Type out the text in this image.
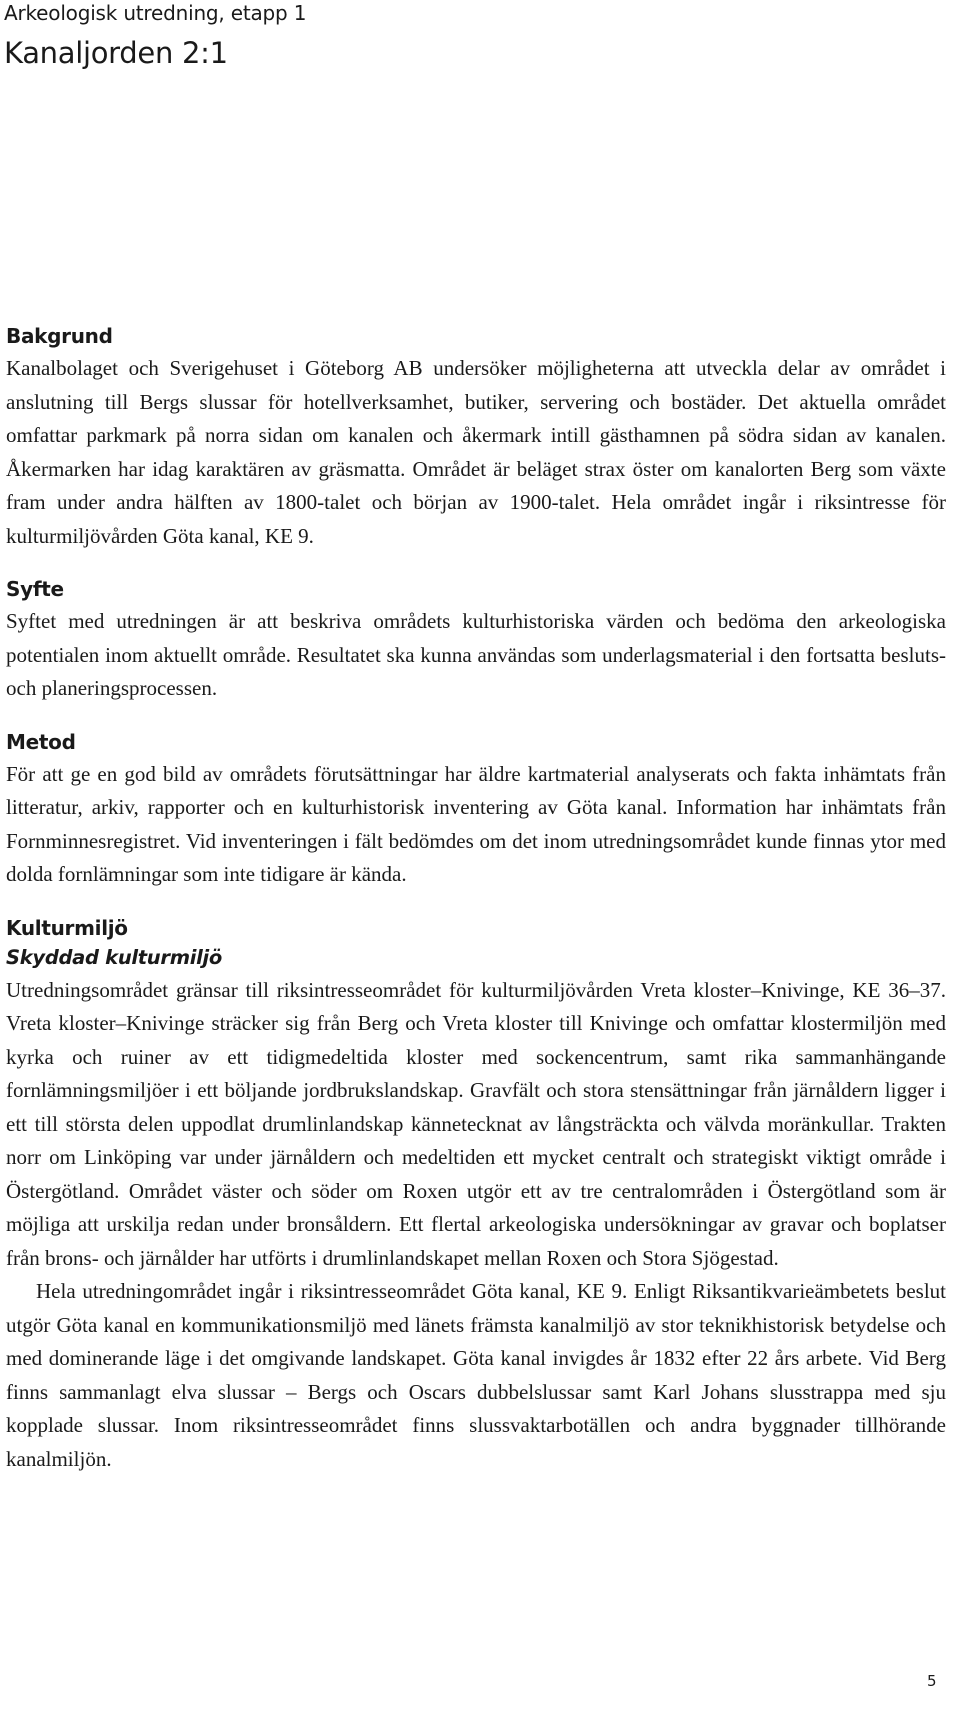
Arkeologisk utredning, etapp 1
Kanaljorden 2:1
Bakgrund

Kanalbolaget och Sverigehuset i Göteborg AB undersöker möjligheterna att utveckla delar av området i anslutning till Bergs slussar för hotellverksamhet, butiker, servering och bostäder. Det aktuella området omfattar parkmark på norra sidan om kanalen och åkermark intill gästhamnen på södra sidan av kanalen. Åkermarken har idag karaktären av gräsmatta. Området är beläget strax öster om kanalorten Berg som växte fram under andra hälften av 1800-talet och början av 1900-talet. Hela området ingår i riksintresse för kulturmiljövården Göta kanal, KE 9.

Syfte

Syftet med utredningen är att beskriva områdets kulturhistoriska värden och bedöma den arkeologiska potentialen inom aktuellt område. Resultatet ska kunna användas som underlagsmaterial i den fortsatta besluts- och planeringsprocessen.

Metod

För att ge en god bild av områdets förutsättningar har äldre kartmaterial analyserats och fakta inhämtats från litteratur, arkiv, rapporter och en kulturhistorisk inventering av Göta kanal. Information har inhämtats från Fornminnesregistret. Vid inventeringen i fält bedömdes om det inom utredningsområdet kunde finnas ytor med dolda fornlämningar som inte tidigare är kända.

Kulturmiljö
Skyddad kulturmiljö

Utredningsområdet gränsar till riksintresseområdet för kulturmiljövården Vreta kloster–Knivinge, KE 36–37. Vreta kloster–Knivinge sträcker sig från Berg och Vreta kloster till Knivinge och omfattar klostermiljön med kyrka och ruiner av ett tidigmedeltida kloster med sockencentrum, samt rika sammanhängande fornlämningsmiljöer i ett böljande jordbrukslandskap. Gravfält och stora stensättningar från järnåldern ligger i ett till största delen uppodlat drumlinlandskap kännetecknat av långsträckta och välvda moränkullar. Trakten norr om Linköping var under järnåldern och medeltiden ett mycket centralt och strategiskt viktigt område i Östergötland. Området väster och söder om Roxen utgör ett av tre centralområden i Östergötland som är möjliga att urskilja redan under bronsåldern. Ett flertal arkeologiska undersökningar av gravar och boplatser från brons- och järnålder har utförts i drumlinlandskapet mellan Roxen och Stora Sjögestad.

Hela utredningområdet ingår i riksintresseområdet Göta kanal, KE 9. Enligt Riksantikvarieämbetets beslut utgör Göta kanal en kommunikationsmiljö med länets främsta kanalmiljö av stor teknikhistorisk betydelse och med dominerande läge i det omgivande landskapet. Göta kanal invigdes år 1832 efter 22 års arbete. Vid Berg finns sammanlagt elva slussar – Bergs och Oscars dubbelslussar samt Karl Johans slusstrappa med sju kopplade slussar. Inom riksintresseområdet finns slussvaktarbotällen och andra byggnader tillhörande kanalmiljön.

5
